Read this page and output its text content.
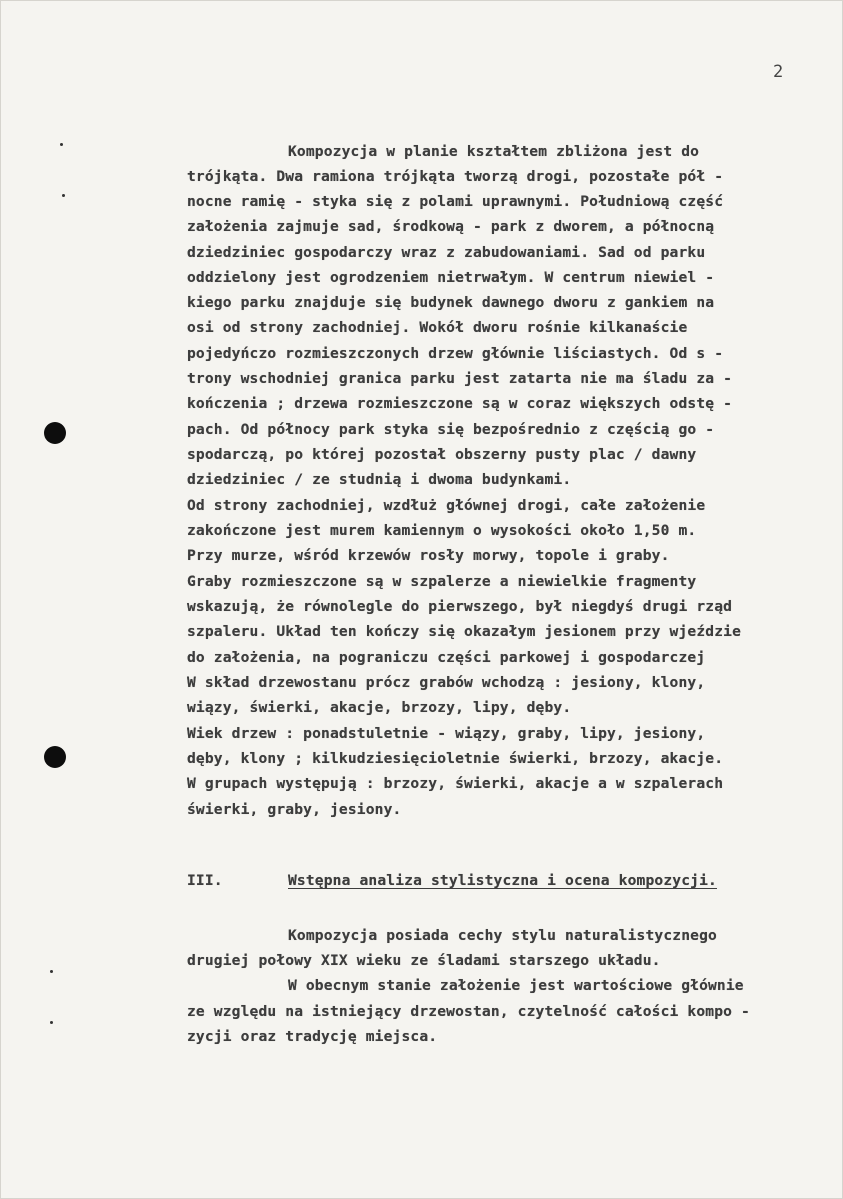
2
Kompozycja w planie kształtem zbliżona jest do
trójkąta. Dwa ramiona trójkąta tworzą drogi, pozostałe pół -
nocne ramię - styka się z polami uprawnymi. Południową część
założenia zajmuje sad, środkową - park z dworem, a północną
dziedziniec gospodarczy wraz z zabudowaniami. Sad od parku
oddzielony jest ogrodzeniem nietrwałym. W centrum niewiel -
kiego parku znajduje się budynek dawnego dworu z gankiem na
osi od strony zachodniej. Wokół dworu rośnie kilkanaście
pojedyńczo rozmieszczonych drzew głównie liściastych. Od s -
trony wschodniej granica parku jest zatarta nie ma śladu za -
kończenia ; drzewa rozmieszczone są w coraz większych odstę -
pach. Od północy park styka się bezpośrednio z częścią go -
spodarczą, po której pozostał obszerny pusty plac / dawny
dziedziniec / ze studnią i dwoma budynkami.
Od strony zachodniej, wzdłuż głównej drogi, całe założenie
zakończone jest murem kamiennym o wysokości około 1,50 m.
Przy murze, wśród krzewów rosły morwy, topole i graby.
Graby rozmieszczone są w szpalerze a niewielkie fragmenty
wskazują, że równolegle do pierwszego, był niegdyś drugi rząd
szpaleru. Układ ten kończy się okazałym jesionem przy wjeździe
do założenia, na pograniczu części parkowej i gospodarczej
W skład drzewostanu prócz grabów wchodzą : jesiony, klony,
wiązy, świerki, akacje, brzozy, lipy, dęby.
Wiek drzew : ponadstuletnie - wiązy, graby, lipy, jesiony,
dęby, klony ; kilkudziesięcioletnie świerki, brzozy, akacje.
W grupach występują : brzozy, świerki, akacje a w szpalerach
świerki, graby, jesiony.
III.	Wstępna analiza stylistyczna i ocena kompozycji.
Kompozycja posiada cechy stylu naturalistycznego
drugiej połowy XIX wieku ze śladami starszego układu.
W obecnym stanie założenie jest wartościowe głównie
ze względu na istniejący drzewostan, czytelność całości kompo -
zycji oraz tradycję miejsca.
